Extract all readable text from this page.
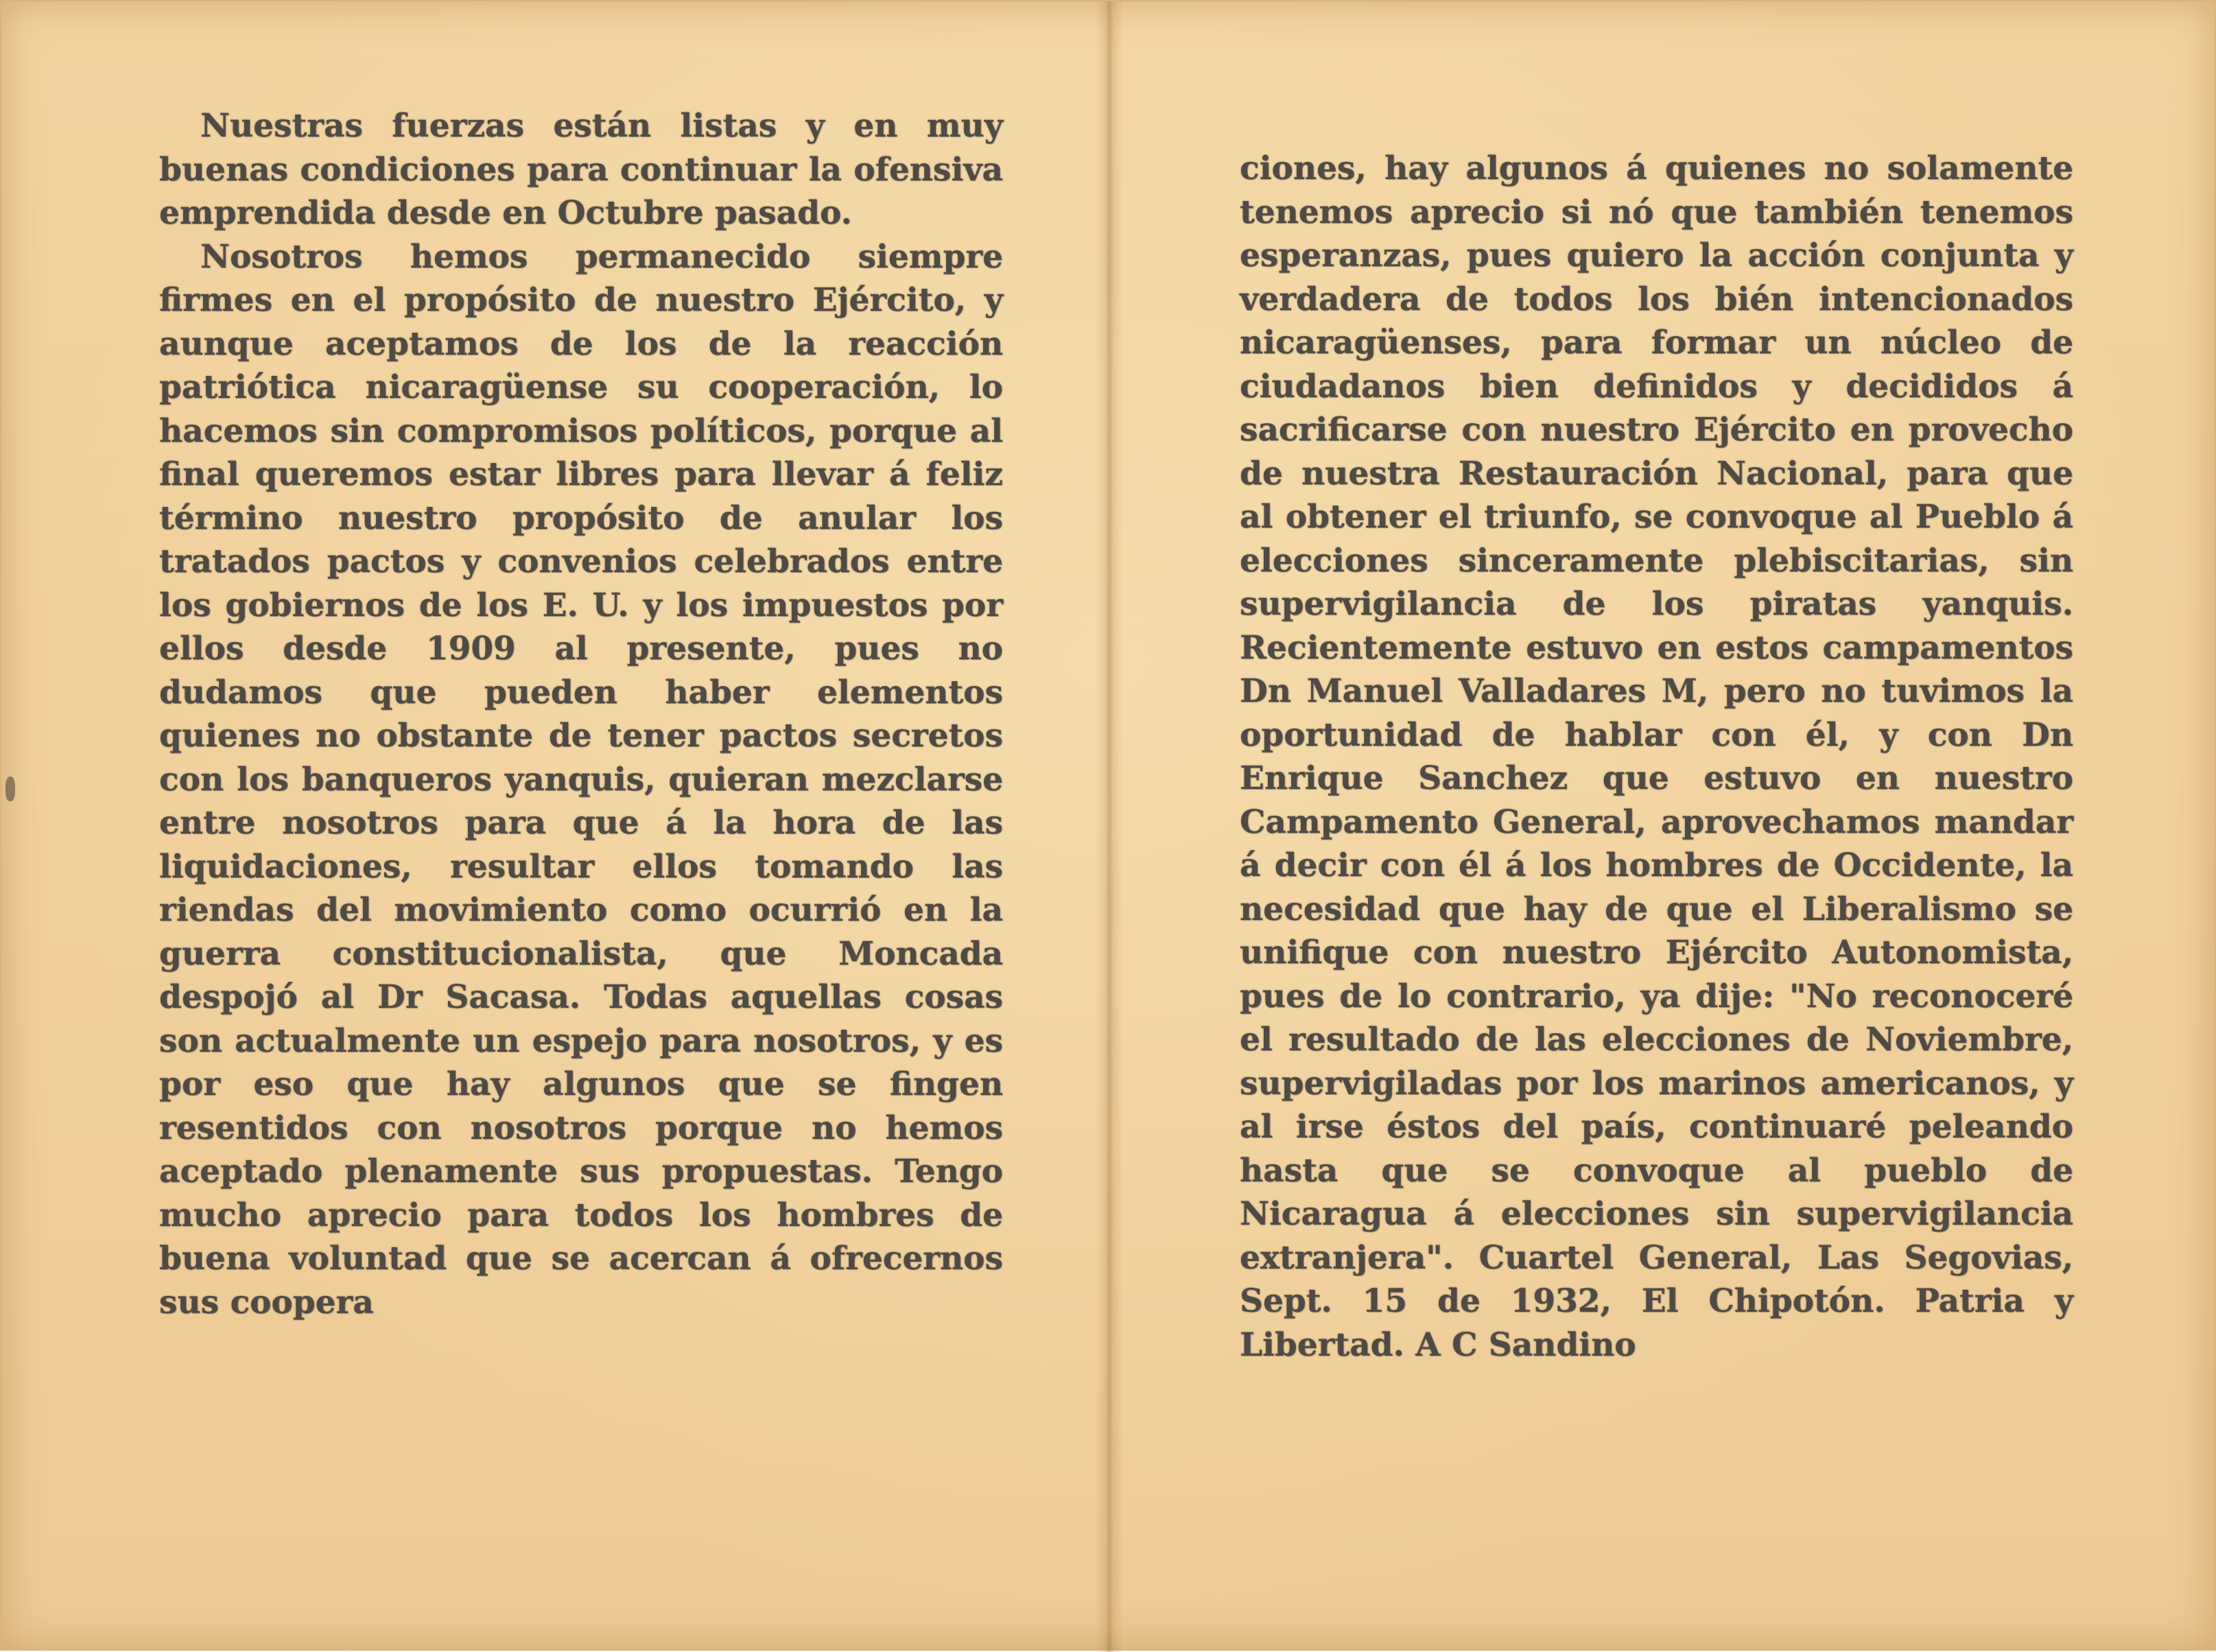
Nuestras fuerzas están listas y en muy buenas condiciones para continuar la ofensiva emprendida desde en Octubre pasado.

Nosotros hemos permanecido siempre firmes en el propósito de nuestro Ejército, y aunque aceptamos de los de la reacción patriótica nicaragüense su cooperación, lo hacemos sin compromisos políticos, porque al final queremos estar libres para llevar á feliz término nuestro propósito de anular los tratados pactos y convenios celebrados entre los gobiernos de los E. U. y los impuestos por ellos desde 1909 al presente, pues no dudamos que pueden haber elementos quienes no obstante de tener pactos secretos con los banqueros yanquis, quieran mezclarse entre nosotros para que á la hora de las liquidaciones, resultar ellos tomando las riendas del movimiento como ocurrió en la guerra constitucionalista, que Moncada despojó al Dr Sacasa. Todas aquellas cosas son actualmente un espejo para nosotros, y es por eso que hay algunos que se fingen resentidos con nosotros porque no hemos aceptado plenamente sus propuestas. Tengo mucho aprecio para todos los hombres de buena voluntad que se acercan á ofrecernos sus coopera

ciones, hay algunos á quienes no solamente tenemos aprecio si nó que también tenemos esperanzas, pues quiero la acción conjunta y verdadera de todos los bién intencionados nicaragüenses, para formar un núcleo de ciudadanos bien definidos y decididos á sacrificarse con nuestro Ejército en provecho de nuestra Restauración Nacional, para que al obtener el triunfo, se convoque al Pueblo á elecciones sinceramente plebiscitarias, sin supervigilancia de los piratas yanquis. Recientemente estuvo en estos campamentos Dn Manuel Valladares M, pero no tuvimos la oportunidad de hablar con él, y con Dn Enrique Sanchez que estuvo en nuestro Campamento General, aprovechamos mandar á decir con él á los hombres de Occidente, la necesidad que hay de que el Liberalismo se unifique con nuestro Ejército Autonomista, pues de lo contrario, ya dije: "No reconoceré el resultado de las elecciones de Noviembre, supervigiladas por los marinos americanos, y al irse éstos del país, continuaré peleando hasta que se convoque al pueblo de Nicaragua á elecciones sin supervigilancia extranjera". Cuartel General, Las Segovias, Sept. 15 de 1932, El Chipotón. Patria y Libertad. A C Sandino
